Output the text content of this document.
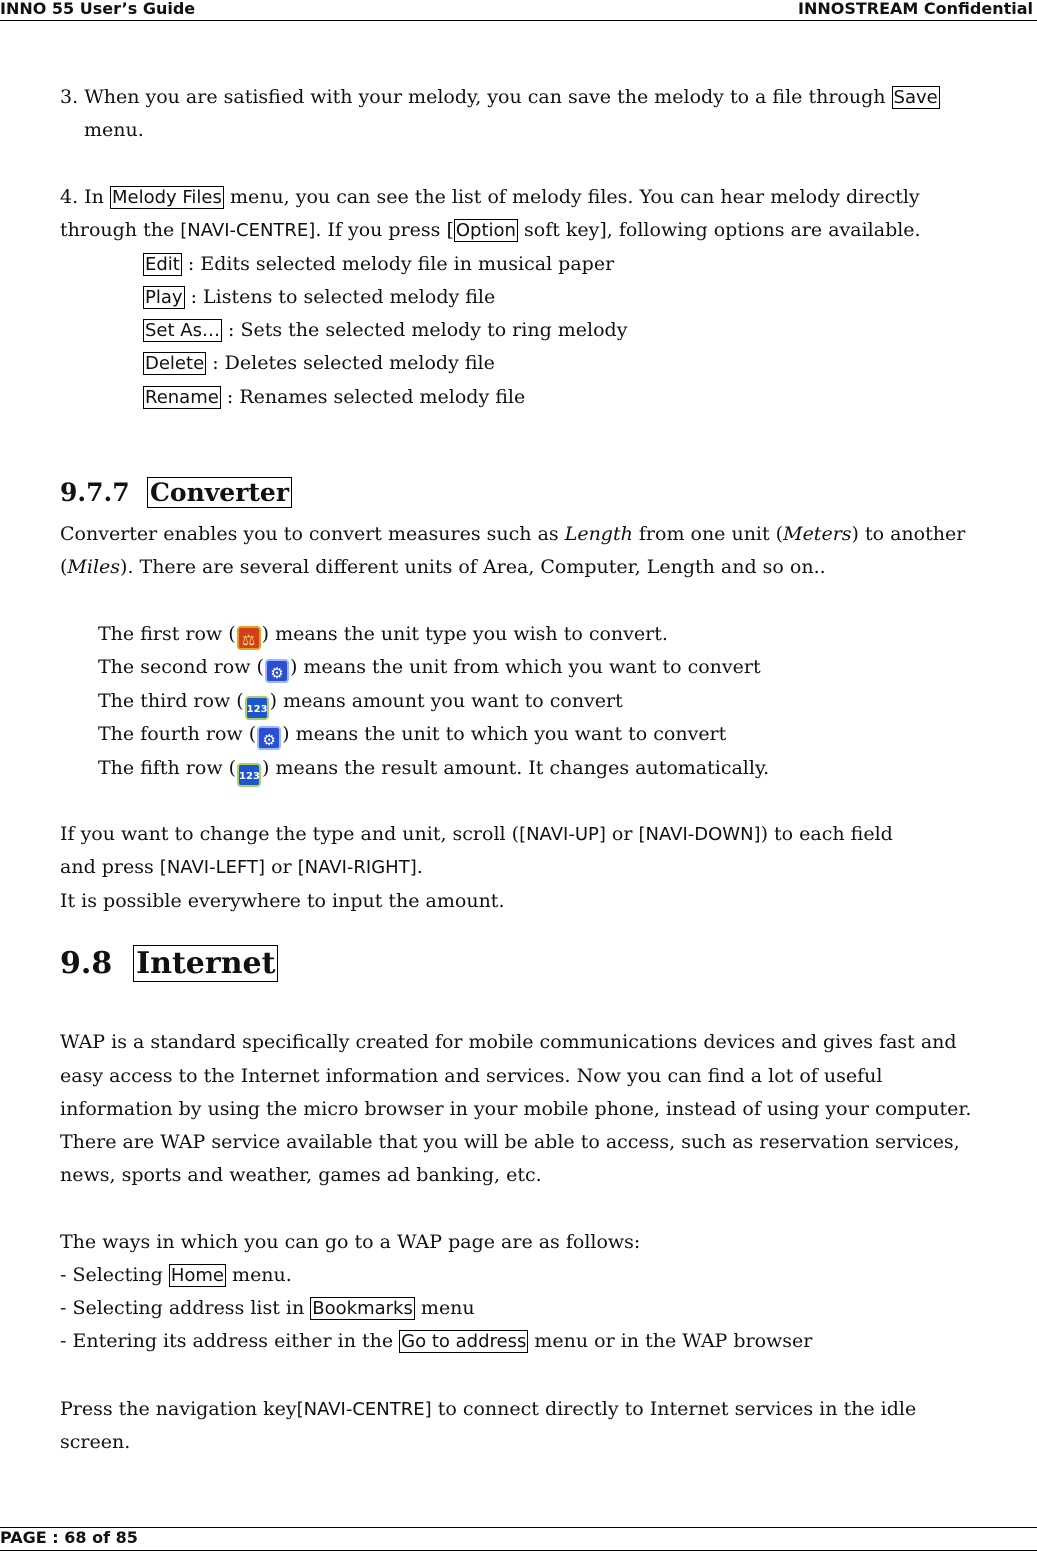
INNO 55 User’s Guide	INNOSTREAM Confidential
3. When you are satisfied with your melody, you can save the melody to a file through Save
menu.
4. In Melody Files menu, you can see the list of melody files. You can hear melody directly
through the [NAVI-CENTRE]. If you press [ Option soft key], following options are available.
Edit : Edits selected melody file in musical paper
Play : Listens to selected melody file
Set As… : Sets the selected melody to ring melody
Delete : Deletes selected melody file
Rename : Renames selected melody file
9.7.7 Converter
Converter enables you to convert measures such as Length from one unit (Meters) to another
(Miles). There are several different units of Area, Computer, Length and so on..
The first row ( ⚖ ) means the unit type you wish to convert.
The second row ( ⚙ ) means the unit from which you want to convert
The third row ( 123 ) means amount you want to convert
The fourth row ( ⚙ ) means the unit to which you want to convert
The fifth row ( 123 ) means the result amount. It changes automatically.
If you want to change the type and unit, scroll ([NAVI-UP] or [NAVI-DOWN]) to each field
and press [NAVI-LEFT] or [NAVI-RIGHT].
It is possible everywhere to input the amount.
9.8 Internet
WAP is a standard specifically created for mobile communications devices and gives fast and
easy access to the Internet information and services. Now you can find a lot of useful
information by using the micro browser in your mobile phone, instead of using your computer.
There are WAP service available that you will be able to access, such as reservation services,
news, sports and weather, games ad banking, etc.
The ways in which you can go to a WAP page are as follows:
- Selecting Home menu.
- Selecting address list in Bookmarks menu
- Entering its address either in the Go to address menu or in the WAP browser
Press the navigation key[NAVI-CENTRE] to connect directly to Internet services in the idle
screen.
PAGE : 68 of 85
